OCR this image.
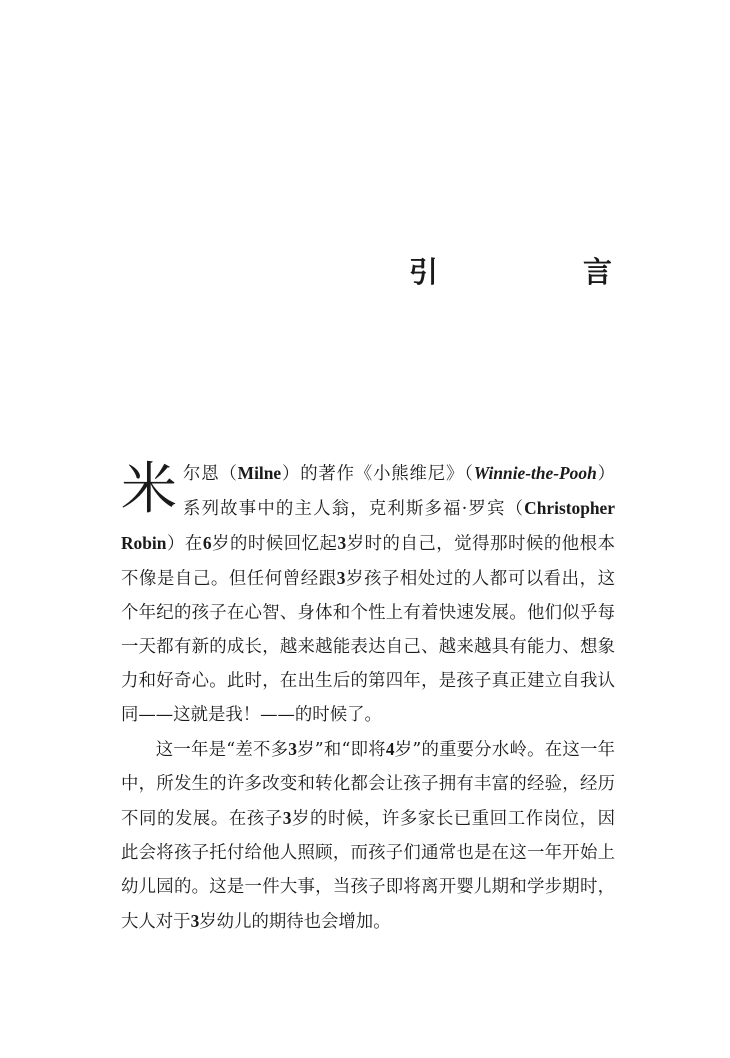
引　言

米尔恩（Milne）的著作《小熊维尼》（Winnie-the-Pooh）系列故事中的主人翁，克利斯多福·罗宾（Christopher Robin）在6岁的时候回忆起3岁时的自己，觉得那时候的他根本不像是自己。但任何曾经跟3岁孩子相处过的人都可以看出，这个年纪的孩子在心智、身体和个性上有着快速发展。他们似乎每一天都有新的成长，越来越能表达自己、越来越具有能力、想象力和好奇心。此时，在出生后的第四年，是孩子真正建立自我认同——这就是我！——的时候了。

这一年是“差不多3岁”和“即将4岁”的重要分水岭。在这一年中，所发生的许多改变和转化都会让孩子拥有丰富的经验，经历不同的发展。在孩子3岁的时候，许多家长已重回工作岗位，因此会将孩子托付给他人照顾，而孩子们通常也是在这一年开始上幼儿园的。这是一件大事，当孩子即将离开婴儿期和学步期时，大人对于3岁幼儿的期待也会增加。
